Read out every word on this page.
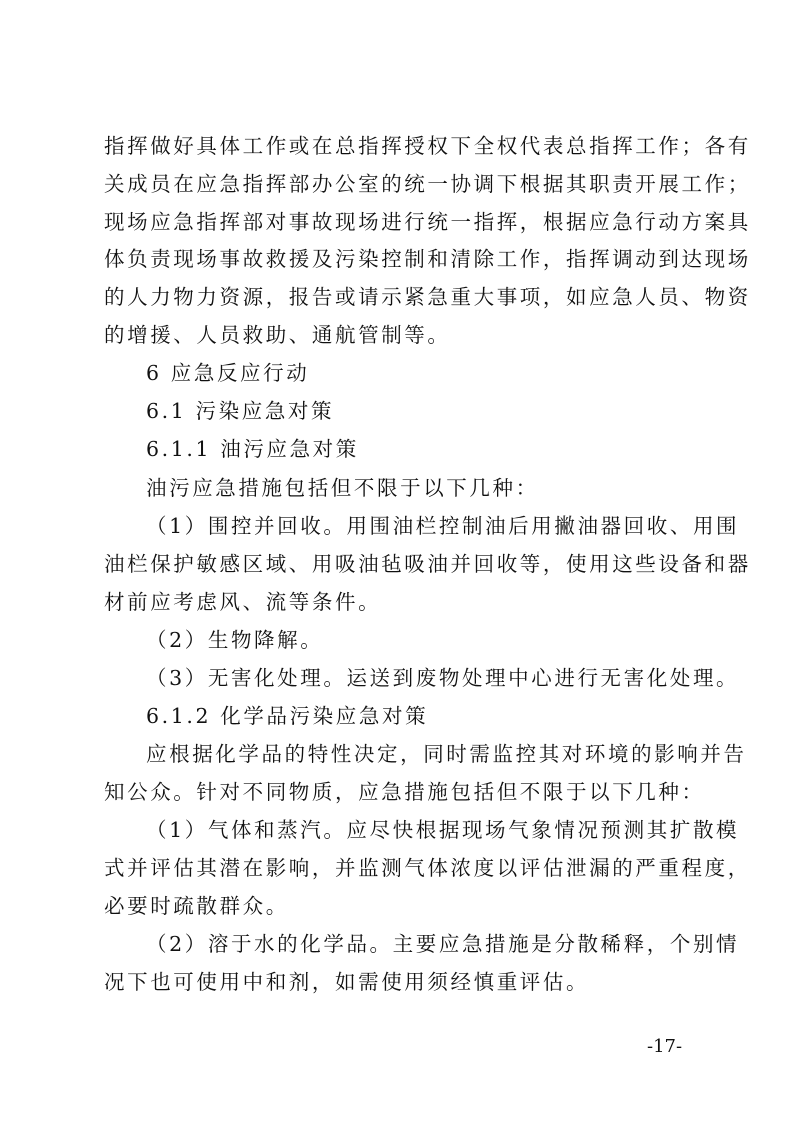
指挥做好具体工作或在总指挥授权下全权代表总指挥工作；各有
关成员在应急指挥部办公室的统一协调下根据其职责开展工作；
现场应急指挥部对事故现场进行统一指挥，根据应急行动方案具
体负责现场事故救援及污染控制和清除工作，指挥调动到达现场
的人力物力资源，报告或请示紧急重大事项，如应急人员、物资
的增援、人员救助、通航管制等。
6 应急反应行动
6.1 污染应急对策
6.1.1 油污应急对策
油污应急措施包括但不限于以下几种：
（1）围控并回收。用围油栏控制油后用撇油器回收、用围
油栏保护敏感区域、用吸油毡吸油并回收等，使用这些设备和器
材前应考虑风、流等条件。
（2）生物降解。
（3）无害化处理。运送到废物处理中心进行无害化处理。
6.1.2 化学品污染应急对策
应根据化学品的特性决定，同时需监控其对环境的影响并告
知公众。针对不同物质，应急措施包括但不限于以下几种：
（1）气体和蒸汽。应尽快根据现场气象情况预测其扩散模
式并评估其潜在影响，并监测气体浓度以评估泄漏的严重程度，
必要时疏散群众。
（2）溶于水的化学品。主要应急措施是分散稀释，个别情
况下也可使用中和剂，如需使用须经慎重评估。
-17-
